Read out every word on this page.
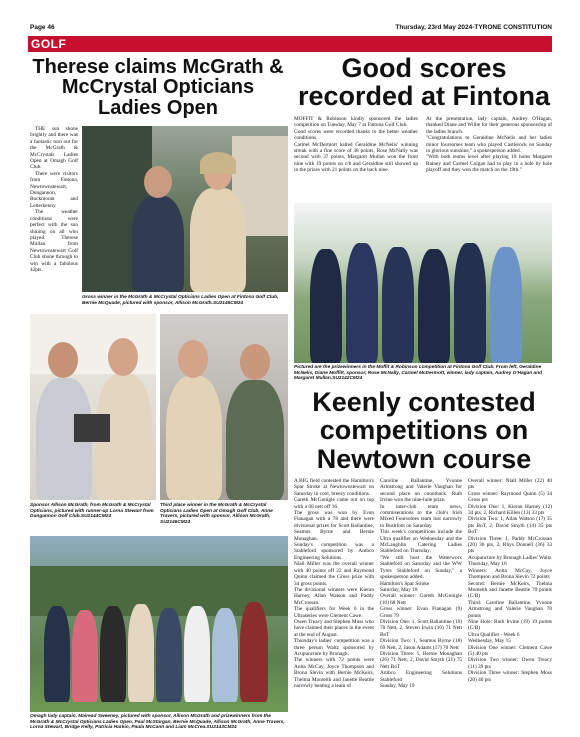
Page 46	Thursday, 23rd May 2024-TYRONE CONSTITUTION
GOLF
Therese claims McGrath & McCrystal Opticians Ladies Open

THE sun shone brightly and there was a fantastic turn out for the McGrath & McCrystals Ladies Open at Omagh Golf Club.

There were visitors from Fintona, Newtownstewart, Dungannon, Rockmount and Letterkenny.

The weather conditions were perfect with the sun shining on all who played. Therese Mullan from Newtownstewart Golf Club shone through to win with a fabulous 42pts.

Gross winner in the McGrath & McCrystal Opticians Ladies Open at Fintona Golf Club, Bernie McQuade, pictured with sponsor, Allison McGrath.SU2145CM24
Sponsor Allison McGrath, from McGrath & McCrystal Opticians, pictured with runner-up Lorna Stewart from Dungannon Golf Club.SU2144CM24
Third place winner in the McGrath & McCrystal Opticians Ladies Open at Omagh Golf Club, Anne Travers, pictured with sponsor, Allison McGrath. SU2146CM24
Omagh lady captain, Mairead Sweeney, pictured with sponsor, Allison McGrath and prizewinners from the McGrath & McCrystal Opticians Ladies Open, Paul McStargan, Bernie McQuade, Allison McGrath, Anne Travers, Lorna Stewart, Bridge Kelly, Patricia Harkin, Paula McCann and Liam McCrea.SU2143CM24
Good scores recorded at Fintona
MOFFIT & Robinson kindly sponsored the ladies competition on Tuesday, May 7 at Fintona Golf Club.
Good scores were recorded thanks to the better weather conditions.
Carmel McDermott halted Geraldine McNelis' winning streak with a fine score of 38 points, Rose McNally was second with 37 points, Margaret Mullan won the front nine with 19 points on c/b and Geraldine still showed up in the prizes with 21 points on the back nine.
At the presentation, lady captain, Audrey O'Hagan, thanked Diane and Willie for their generous sponsorship of the ladies branch.
"Congratulations to Geraldine McNelis and her ladies minor foursomes team who played Castlerock on Sunday in glorious sunshine," a spokesperson added.
"With both teams level after playing 18 holes Margaret Rainey and Carmel Colgan had to play in a hole by hole playoff and they won the match on the 19th."
Pictured are the prizewinners in the Moffit & Robinson competition at Fintona Golf Club. From left, Geraldine McNelis, Diane Moffitt, sponsor, Rose McNally, Carmel McDermott, winner, lady captain, Audrey O'Hagan and Margaret Mullan.SU2142CM24
Keenly contested competitions on Newtown course
A BIG field contested the Hamilton's Spar Stroke at Newtownstewart on Saturday in cool, breezy conditions.
Gareth McGonigle came out on top with a 68 nett off 16.
The gross was won by Evan Flanagan with a 78 and there were divisional prizes for Scott Ballantine, Seamus Byrne and Bernie Monaghan.
Sunday's competition was a Stableford sponsored by Ambco Engineering Solutions.
Niall Miller was the overall winner with 40 points off 22 and Raymond Quinn claimed the Gross prize with 34 gross points.
The divisional winners were Kieran Harney, Allan Watson and Paddy McCrossan.
The qualifiers for Week 6 in the Ultraseries were Clement Cawe.
Owen Treacy and Stephen Moss who have claimed their places in the event at the end of August.
Thursday's ladies' competition was a three person Waltz sponsored by Acupuncture by Bronagh.
The winners with 72 points were Anita McCay, Joyce Thompson and Brona Slevin with Bernie McKeirs, Thelma Monteith and Janette Beattie narrowly beating a team of
Caroline Ballantine, Yvonne Armstrong and Valerie Vaughan for second place on countback. Ruth Irvine won the nine-hole prize.
In inter-club team news, commiserations to the club's Irish Mixed Foursomes team lost narrowly to Bushfoot on Saturday.
This week's competitions include the Ultra qualifier on Wednesday and the McLaughlin Catering Ladies Stableford on Thursday.
"We still host the Waterworx Stableford on Saturday and the WW Tyres Stableford on Sunday," a spokesperson added.
Hamilton's Spar Stroke
Saturday, May 18
Overall winner: Gareth McGonigle (16) 68 Nett
Gross winner: Evan Flanagan (9) Gross 79
Division One: 1, Scott Ballantine (10) 70 Nett, 2, Steven Irwin (10) 71 Nett BoT
Division Two: 1, Seamus Byrne (18) 69 Nett, 2, Jason Adams (17) 70 Nett
Division Three: 1, Bernie Monaghan (26) 71 Nett, 2, David Smyth (21) 75 Nett BoT
Ambco Engineering Solutions Stableford
Sunday, May 19
Overall winner: Niall Miller (22) 40 pts
Gross winner: Raymond Quinn (5) 34 Gross pts
Division One: 1, Kieran Harney (12) 34 pts, 2, Richard Killen (13) 33 pts
Division Two: 1, Allan Watson (17) 35 pts BoT, 2, David Smyth (14) 35 pts BoT
Division Three: 1, Paddy McCrossan (20) 36 pts, 2, Rhys Donnell (36) 33 pts
Acupuncture by Bronagh Ladies' Waltz
Thursday, May 16
Winners: Anita McCay, Joyce Thompson and Brona Slevin 72 points
Second: Bernie McKeirs, Thelma Monteith and Janette Beattie 70 points (C/B)
Third: Caroline Ballantine, Yvonne Armstrong and Valerie Vaughan 70 points
Nine Hole: Ruth Irvine (19) 19 points (C/B)
Ultra Qualifier - Week 6
Wednesday, May 15
Division One winner: Clement Cawe (5) 40 pts
Division Two winner: Owen Treacy (11) 39 pts
Division Three winner: Stephen Moss (20) 40 pts
